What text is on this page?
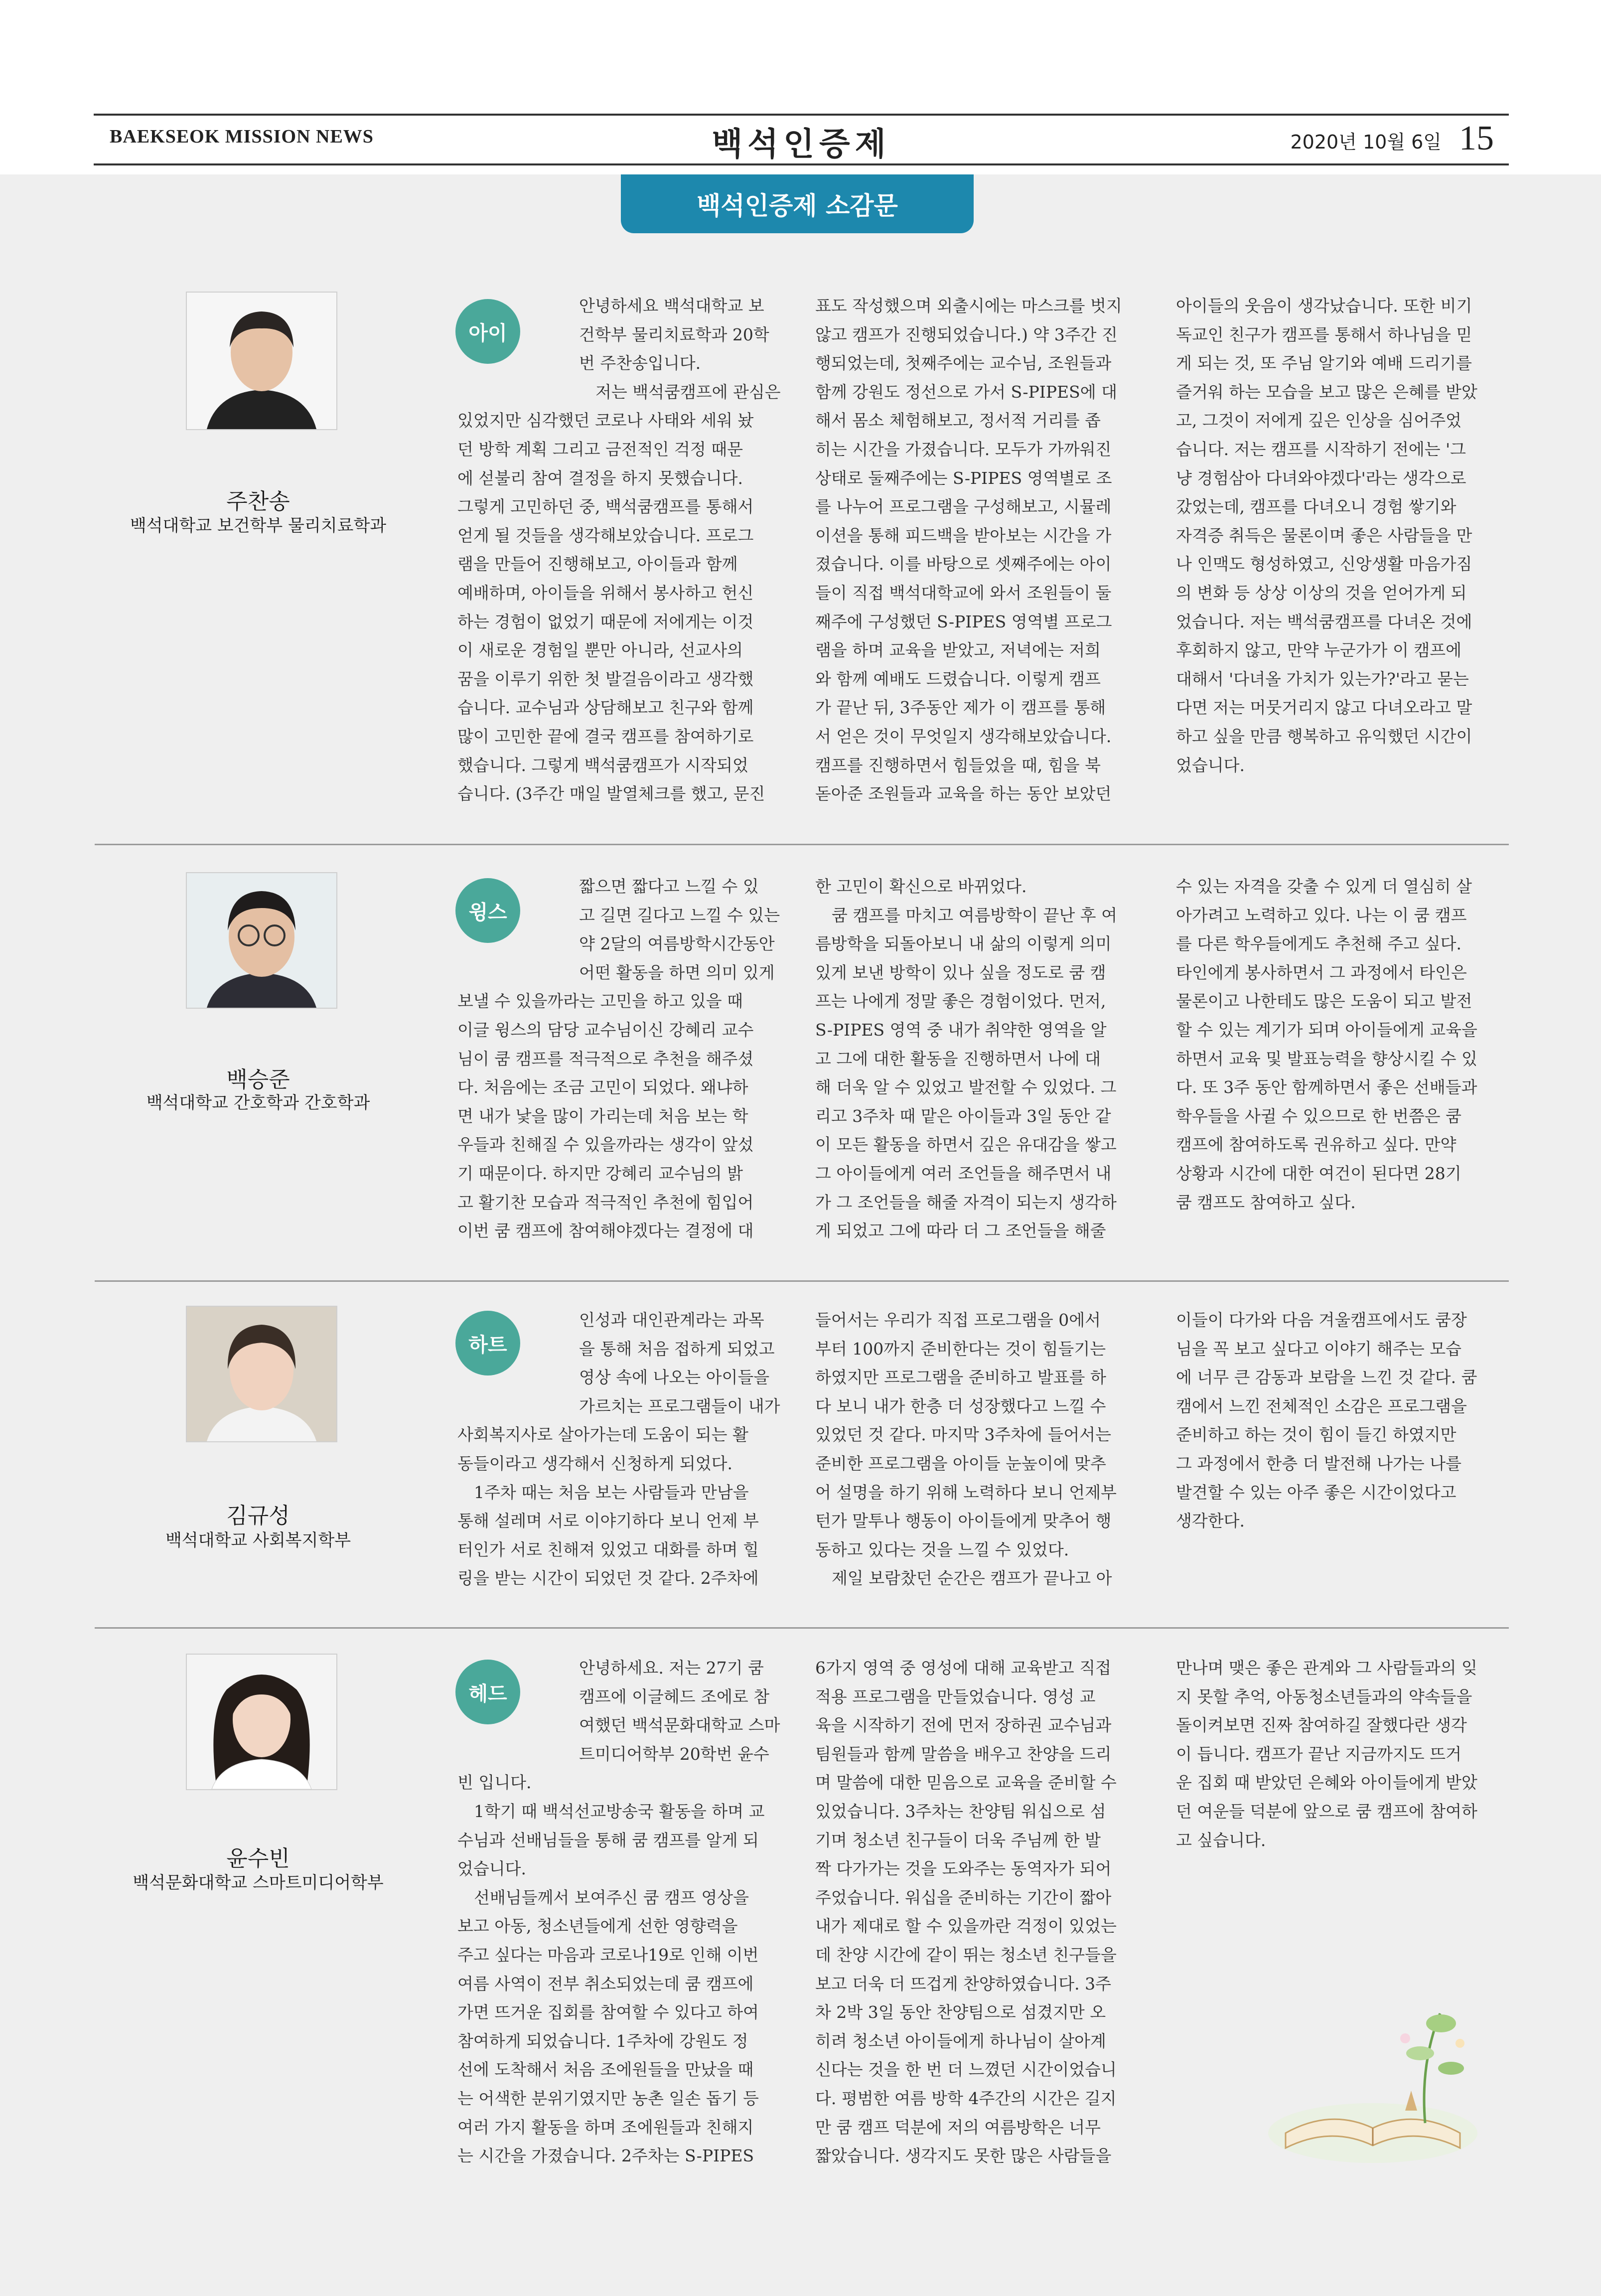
BAEKSEOK MISSION NEWS	백석인증제	2020년 10월 6일 15
백석인증제 소감문
주찬송
백석대학교 보건학부 물리치료학과
아이
안녕하세요 백석대학교 보
건학부 물리치료학과 20학
번 주찬송입니다.
저는 백석쿰캠프에 관심은
있었지만 심각했던 코로나 사태와 세워 놨
던 방학 계획 그리고 금전적인 걱정 때문
에 섣불리 참여 결정을 하지 못했습니다.
그렇게 고민하던 중, 백석쿰캠프를 통해서
얻게 될 것들을 생각해보았습니다. 프로그
램을 만들어 진행해보고, 아이들과 함께
예배하며, 아이들을 위해서 봉사하고 헌신
하는 경험이 없었기 때문에 저에게는 이것
이 새로운 경험일 뿐만 아니라, 선교사의
꿈을 이루기 위한 첫 발걸음이라고 생각했
습니다. 교수님과 상담해보고 친구와 함께
많이 고민한 끝에 결국 캠프를 참여하기로
했습니다. 그렇게 백석쿰캠프가 시작되었
습니다. (3주간 매일 발열체크를 했고, 문진
표도 작성했으며 외출시에는 마스크를 벗지
않고 캠프가 진행되었습니다.) 약 3주간 진
행되었는데, 첫째주에는 교수님, 조원들과
함께 강원도 정선으로 가서 S-PIPES에 대
해서 몸소 체험해보고, 정서적 거리를 좁
히는 시간을 가졌습니다. 모두가 가까워진
상태로 둘째주에는 S-PIPES 영역별로 조
를 나누어 프로그램을 구성해보고, 시뮬레
이션을 통해 피드백을 받아보는 시간을 가
졌습니다. 이를 바탕으로 셋째주에는 아이
들이 직접 백석대학교에 와서 조원들이 둘
째주에 구성했던 S-PIPES 영역별 프로그
램을 하며 교육을 받았고, 저녁에는 저희
와 함께 예배도 드렸습니다. 이렇게 캠프
가 끝난 뒤, 3주동안 제가 이 캠프를 통해
서 얻은 것이 무엇일지 생각해보았습니다.
캠프를 진행하면서 힘들었을 때, 힘을 북
돋아준 조원들과 교육을 하는 동안 보았던
아이들의 웃음이 생각났습니다. 또한 비기
독교인 친구가 캠프를 통해서 하나님을 믿
게 되는 것, 또 주님 알기와 예배 드리기를
즐거워 하는 모습을 보고 많은 은혜를 받았
고, 그것이 저에게 깊은 인상을 심어주었
습니다. 저는 캠프를 시작하기 전에는 '그
냥 경험삼아 다녀와야겠다'라는 생각으로
갔었는데, 캠프를 다녀오니 경험 쌓기와
자격증 취득은 물론이며 좋은 사람들을 만
나 인맥도 형성하였고, 신앙생활 마음가짐
의 변화 등 상상 이상의 것을 얻어가게 되
었습니다. 저는 백석쿰캠프를 다녀온 것에
후회하지 않고, 만약 누군가가 이 캠프에
대해서 '다녀올 가치가 있는가?'라고 묻는
다면 저는 머뭇거리지 않고 다녀오라고 말
하고 싶을 만큼 행복하고 유익했던 시간이
었습니다.
백승준
백석대학교 간호학과 간호학과
윙스
짧으면 짧다고 느낄 수 있
고 길면 길다고 느낄 수 있는
약 2달의 여름방학시간동안
어떤 활동을 하면 의미 있게
보낼 수 있을까라는 고민을 하고 있을 때
이글 윙스의 담당 교수님이신 강혜리 교수
님이 쿰 캠프를 적극적으로 추천을 해주셨
다. 처음에는 조금 고민이 되었다. 왜냐하
면 내가 낯을 많이 가리는데 처음 보는 학
우들과 친해질 수 있을까라는 생각이 앞섰
기 때문이다. 하지만 강혜리 교수님의 밝
고 활기찬 모습과 적극적인 추천에 힘입어
이번 쿰 캠프에 참여해야겠다는 결정에 대
한 고민이 확신으로 바뀌었다.
쿰 캠프를 마치고 여름방학이 끝난 후 여
름방학을 되돌아보니 내 삶의 이렇게 의미
있게 보낸 방학이 있나 싶을 정도로 쿰 캠
프는 나에게 정말 좋은 경험이었다. 먼저,
S-PIPES 영역 중 내가 취약한 영역을 알
고 그에 대한 활동을 진행하면서 나에 대
해 더욱 알 수 있었고 발전할 수 있었다. 그
리고 3주차 때 맡은 아이들과 3일 동안 같
이 모든 활동을 하면서 깊은 유대감을 쌓고
그 아이들에게 여러 조언들을 해주면서 내
가 그 조언들을 해줄 자격이 되는지 생각하
게 되었고 그에 따라 더 그 조언들을 해줄
수 있는 자격을 갖출 수 있게 더 열심히 살
아가려고 노력하고 있다. 나는 이 쿰 캠프
를 다른 학우들에게도 추천해 주고 싶다.
타인에게 봉사하면서 그 과정에서 타인은
물론이고 나한테도 많은 도움이 되고 발전
할 수 있는 계기가 되며 아이들에게 교육을
하면서 교육 및 발표능력을 향상시킬 수 있
다. 또 3주 동안 함께하면서 좋은 선배들과
학우들을 사귈 수 있으므로 한 번쯤은 쿰
캠프에 참여하도록 권유하고 싶다. 만약
상황과 시간에 대한 여건이 된다면 28기
쿰 캠프도 참여하고 싶다.
김규성
백석대학교 사회복지학부
하트
인성과 대인관계라는 과목
을 통해 처음 접하게 되었고
영상 속에 나오는 아이들을
가르치는 프로그램들이 내가
사회복지사로 살아가는데 도움이 되는 활
동들이라고 생각해서 신청하게 되었다.
1주차 때는 처음 보는 사람들과 만남을
통해 설레며 서로 이야기하다 보니 언제 부
터인가 서로 친해져 있었고 대화를 하며 힐
링을 받는 시간이 되었던 것 같다. 2주차에
들어서는 우리가 직접 프로그램을 0에서
부터 100까지 준비한다는 것이 힘들기는
하였지만 프로그램을 준비하고 발표를 하
다 보니 내가 한층 더 성장했다고 느낄 수
있었던 것 같다. 마지막 3주차에 들어서는
준비한 프로그램을 아이들 눈높이에 맞추
어 설명을 하기 위해 노력하다 보니 언제부
턴가 말투나 행동이 아이들에게 맞추어 행
동하고 있다는 것을 느낄 수 있었다.
제일 보람찼던 순간은 캠프가 끝나고 아
이들이 다가와 다음 겨울캠프에서도 쿰장
님을 꼭 보고 싶다고 이야기 해주는 모습
에 너무 큰 감동과 보람을 느낀 것 같다. 쿰
캠에서 느낀 전체적인 소감은 프로그램을
준비하고 하는 것이 힘이 들긴 하였지만
그 과정에서 한층 더 발전해 나가는 나를
발견할 수 있는 아주 좋은 시간이었다고
생각한다.
윤수빈
백석문화대학교 스마트미디어학부
헤드
안녕하세요. 저는 27기 쿰
캠프에 이글헤드 조에로 참
여했던 백석문화대학교 스마
트미디어학부 20학번 윤수
빈 입니다.
1학기 때 백석선교방송국 활동을 하며 교
수님과 선배님들을 통해 쿰 캠프를 알게 되
었습니다.
선배님들께서 보여주신 쿰 캠프 영상을
보고 아동, 청소년들에게 선한 영향력을
주고 싶다는 마음과 코로나19로 인해 이번
여름 사역이 전부 취소되었는데 쿰 캠프에
가면 뜨거운 집회를 참여할 수 있다고 하여
참여하게 되었습니다. 1주차에 강원도 정
선에 도착해서 처음 조에원들을 만났을 때
는 어색한 분위기였지만 농촌 일손 돕기 등
여러 가지 활동을 하며 조에원들과 친해지
는 시간을 가졌습니다. 2주차는 S-PIPES
6가지 영역 중 영성에 대해 교육받고 직접
적용 프로그램을 만들었습니다. 영성 교
육을 시작하기 전에 먼저 장하권 교수님과
팀원들과 함께 말씀을 배우고 찬양을 드리
며 말씀에 대한 믿음으로 교육을 준비할 수
있었습니다. 3주차는 찬양팀 워십으로 섬
기며 청소년 친구들이 더욱 주님께 한 발
짝 다가가는 것을 도와주는 동역자가 되어
주었습니다. 워십을 준비하는 기간이 짧아
내가 제대로 할 수 있을까란 걱정이 있었는
데 찬양 시간에 같이 뛰는 청소년 친구들을
보고 더욱 더 뜨겁게 찬양하였습니다. 3주
차 2박 3일 동안 찬양팀으로 섬겼지만 오
히려 청소년 아이들에게 하나님이 살아계
신다는 것을 한 번 더 느꼈던 시간이었습니
다. 평범한 여름 방학 4주간의 시간은 길지
만 쿰 캠프 덕분에 저의 여름방학은 너무
짧았습니다. 생각지도 못한 많은 사람들을
만나며 맺은 좋은 관계와 그 사람들과의 잊
지 못할 추억, 아동청소년들과의 약속들을
돌이켜보면 진짜 참여하길 잘했다란 생각
이 듭니다. 캠프가 끝난 지금까지도 뜨거
운 집회 때 받았던 은혜와 아이들에게 받았
던 여운들 덕분에 앞으로 쿰 캠프에 참여하
고 싶습니다.
